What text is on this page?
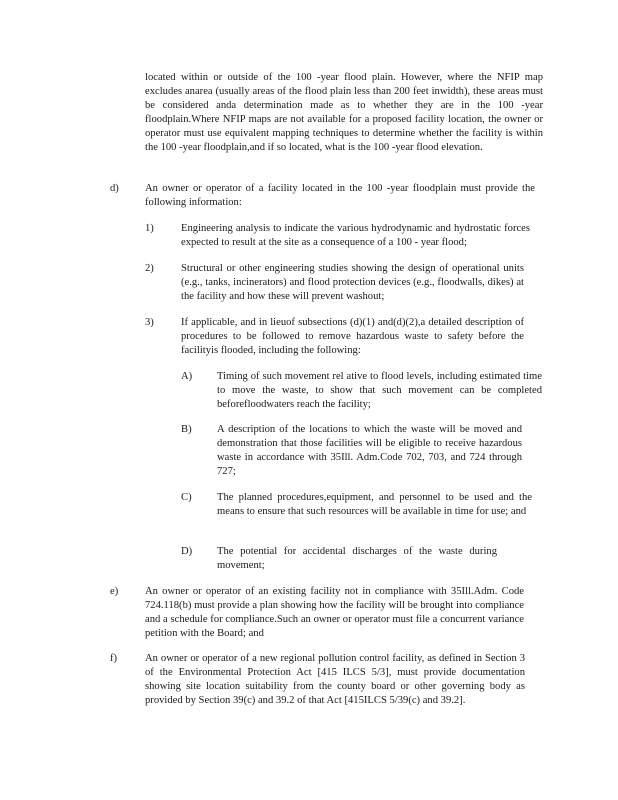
located within or outside of the 100 -year flood plain. However, where the NFIP map excludes anarea (usually areas of the flood plain less than 200 feet inwidth), these areas must be considered anda determination made as to whether they are in the 100 -year floodplain.Where NFIP maps are not available for a proposed facility location, the owner or operator must use equivalent mapping techniques to determine whether the facility is within the 100 -year floodplain,and if so located, what is the 100 -year flood elevation.
d) An owner or operator of a facility located in the 100 -year floodplain must provide the following information:
1)	Engineering analysis to indicate the various hydrodynamic and hydrostatic forces expected to result at the site as a consequence of a 100 - year flood;
2)	Structural or other engineering studies showing the design of operational units (e.g., tanks, incinerators) and flood protection devices (e.g., floodwalls, dikes) at the facility and how these will prevent washout;
3)	If applicable, and in lieuof subsections (d)(1) and(d)(2),a detailed description of procedures to be followed to remove hazardous waste to safety before the facilityis flooded, including the following:
A) Timing of such movement rel ative to flood levels, including estimated time to move the waste, to show that such movement can be completed beforefloodwaters reach the facility;
B) A description of the locations to which the waste will be moved and demonstration that those facilities will be eligible to receive hazardous waste in accordance with 35Ill. Adm.Code 702, 703, and 724 through 727;
C) The planned procedures,equipment, and personnel to be used and the means to ensure that such resources will be available in time for use; and
D) The potential for accidental discharges of the waste during movement;
e)	An owner or operator of an existing facility not in compliance with 35Ill.Adm. Code 724.118(b) must provide a plan showing how the facility will be brought into compliance and a schedule for compliance.Such an owner or operator must file a concurrent variance petition with the Board; and
f)	An owner or operator of a new regional pollution control facility, as defined in Section 3 of the Environmental Protection Act [415 ILCS 5/3], must provide documentation showing site location suitability from the county board or other governing body as provided by Section 39(c) and 39.2 of that Act [415ILCS 5/39(c) and 39.2].
